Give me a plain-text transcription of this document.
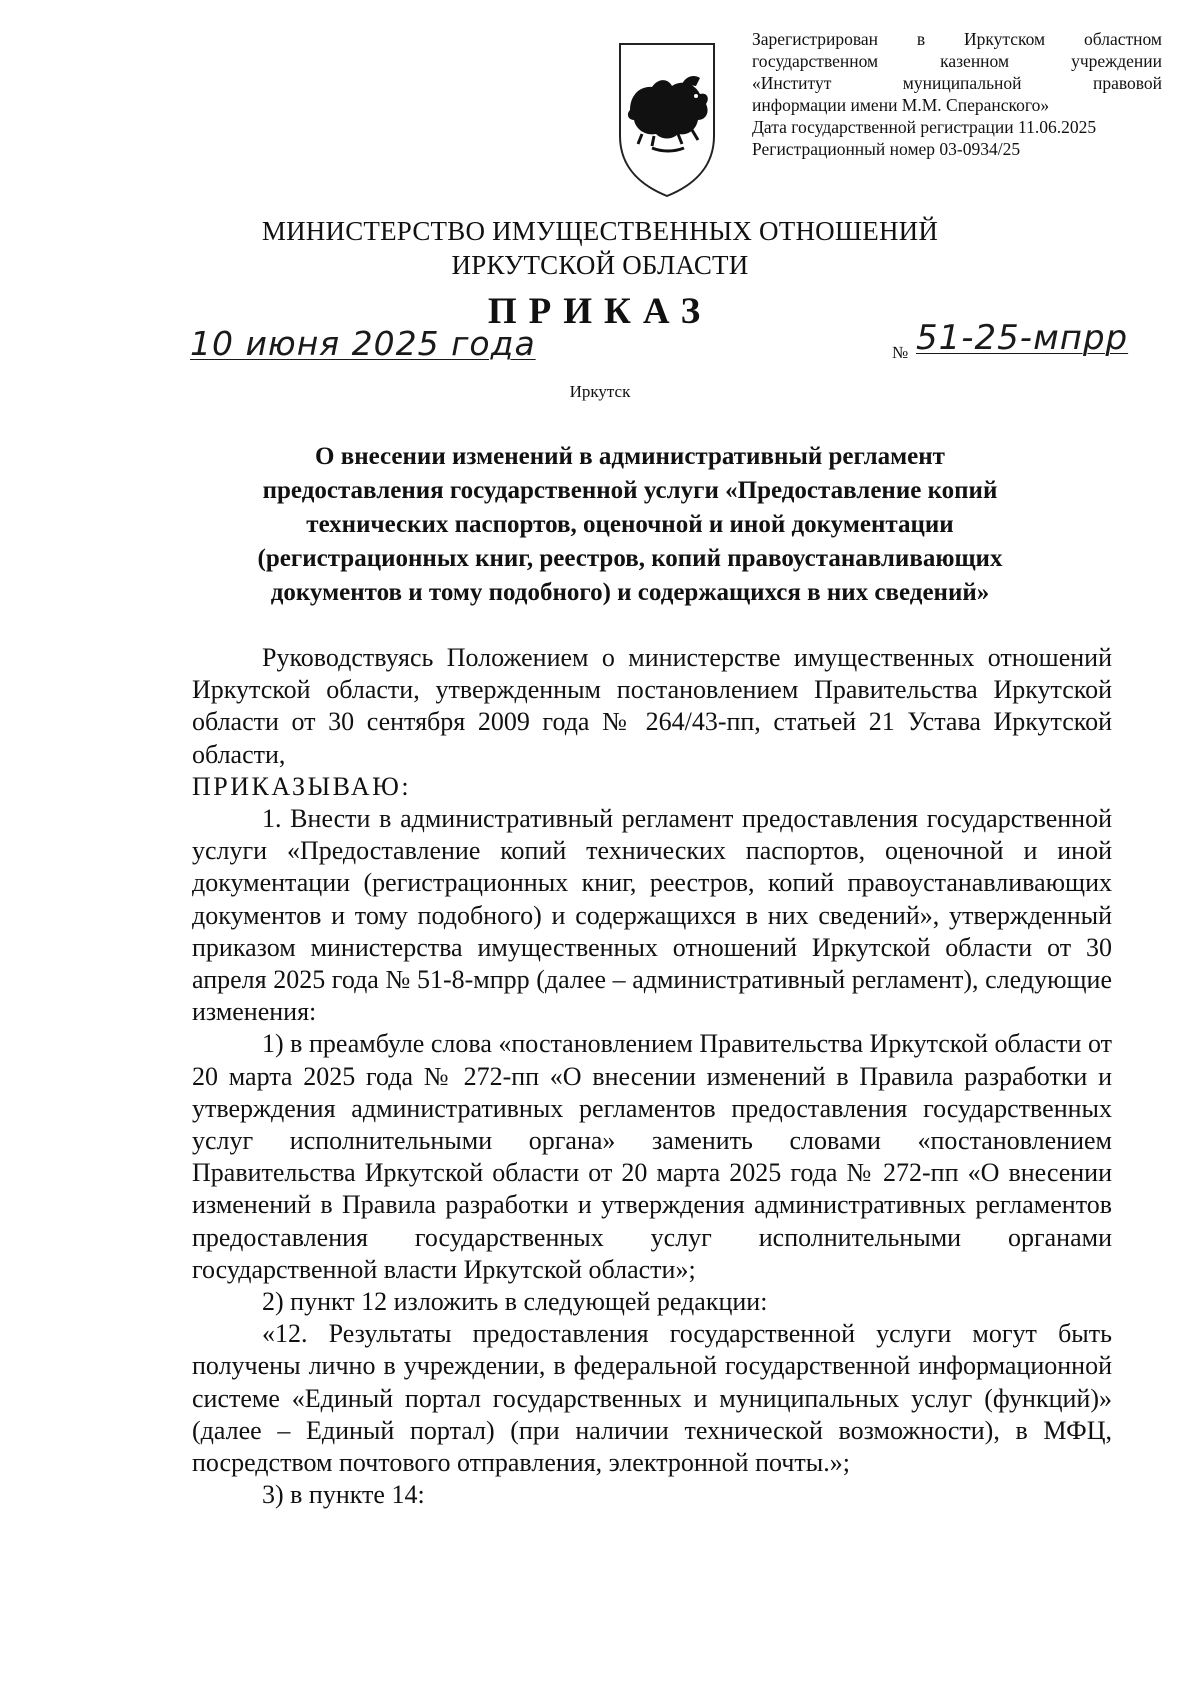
Зарегистрирован в Иркутском областном
государственном казенном учреждении
«Институт муниципальной правовой
информации имени М.М. Сперанского»
Дата государственной регистрации 11.06.2025
Регистрационный номер 03-0934/25
МИНИСТЕРСТВО ИМУЩЕСТВЕННЫХ ОТНОШЕНИЙ
ИРКУТСКОЙ ОБЛАСТИ
ПРИКАЗ
10 июня 2025 года	№ 51-25-мпрр
Иркутск
О внесении изменений в административный регламент
предоставления государственной услуги «Предоставление копий
технических паспортов, оценочной и иной документации
(регистрационных книг, реестров, копий правоустанавливающих
документов и тому подобного) и содержащихся в них сведений»

Руководствуясь Положением о министерстве имущественных отношений Иркутской области, утвержденным постановлением Правительства Иркутской области от 30 сентября 2009 года № 264/43-пп, статьей 21 Устава Иркутской области,

ПРИКАЗЫВАЮ:

1. Внести в административный регламент предоставления государственной услуги «Предоставление копий технических паспортов, оценочной и иной документации (регистрационных книг, реестров, копий правоустанавливающих документов и тому подобного) и содержащихся в них сведений», утвержденный приказом министерства имущественных отношений Иркутской области от 30 апреля 2025 года № 51-8-мпрр (далее – административный регламент), следующие изменения:

1) в преамбуле слова «постановлением Правительства Иркутской области от 20 марта 2025 года № 272-пп «О внесении изменений в Правила разработки и утверждения административных регламентов предоставления государственных услуг исполнительными органа» заменить словами «постановлением Правительства Иркутской области от 20 марта 2025 года № 272-пп «О внесении изменений в Правила разработки и утверждения административных регламентов предоставления государственных услуг исполнительными органами государственной власти Иркутской области»;

2) пункт 12 изложить в следующей редакции:

«12. Результаты предоставления государственной услуги могут быть получены лично в учреждении, в федеральной государственной информационной системе «Единый портал государственных и муниципальных услуг (функций)» (далее – Единый портал) (при наличии технической возможности), в МФЦ, посредством почтового отправления, электронной почты.»;

3) в пункте 14:
